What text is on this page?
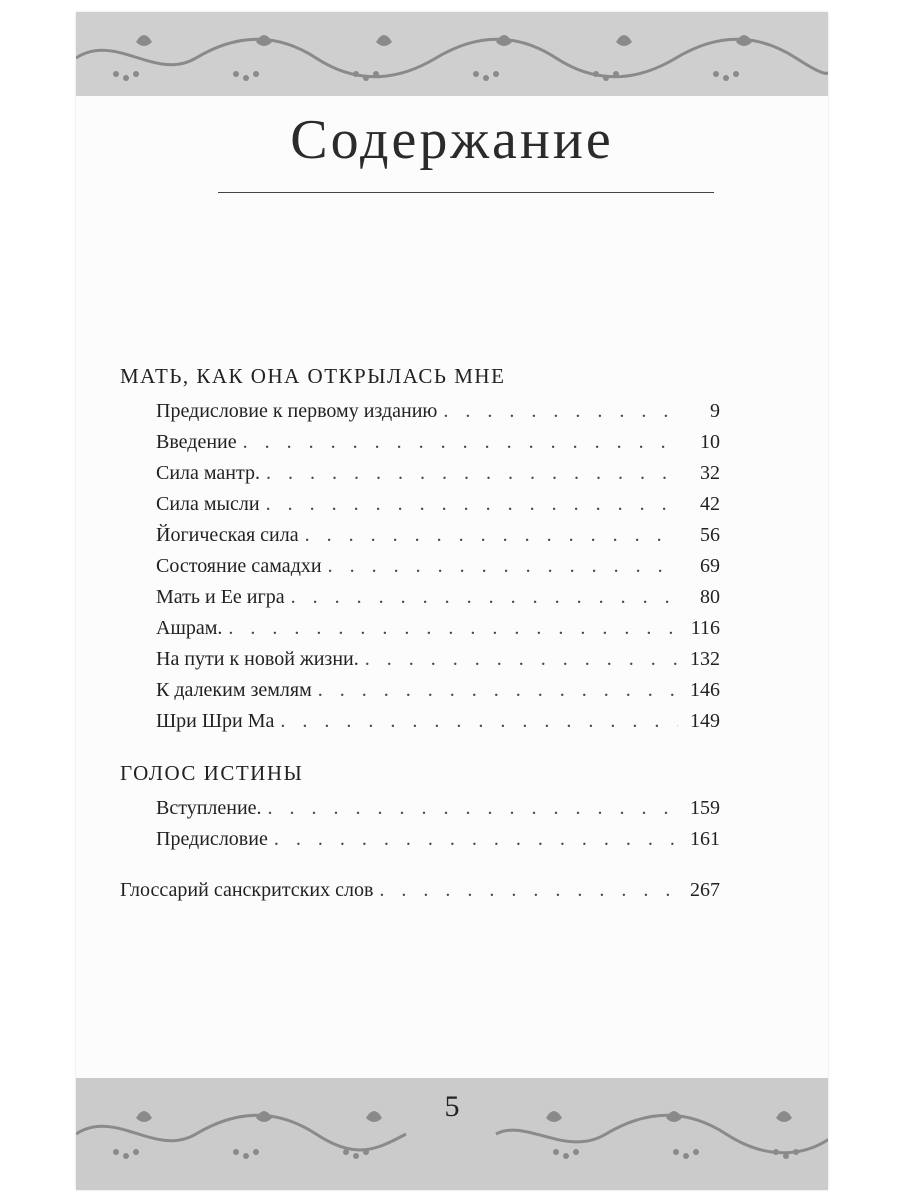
Содержание
МАТЬ, КАК ОНА ОТКРЫЛАСЬ МНЕ
Предисловие к первому изданию . . .	9
Введение . . .	10
Сила мантр. . . .	32
Сила мысли . . .	42
Йогическая сила . . .	56
Состояние самадхи . . .	69
Мать и Ее игра . . .	80
Ашрам. . . .	116
На пути к новой жизни. . . .	132
К далеким землям . . .	146
Шри Шри Ма . . .	149
ГОЛОС ИСТИНЫ
Вступление. . . .	159
Предисловие . . .	161
Глоссарий санскритских слов . . .	267
5
